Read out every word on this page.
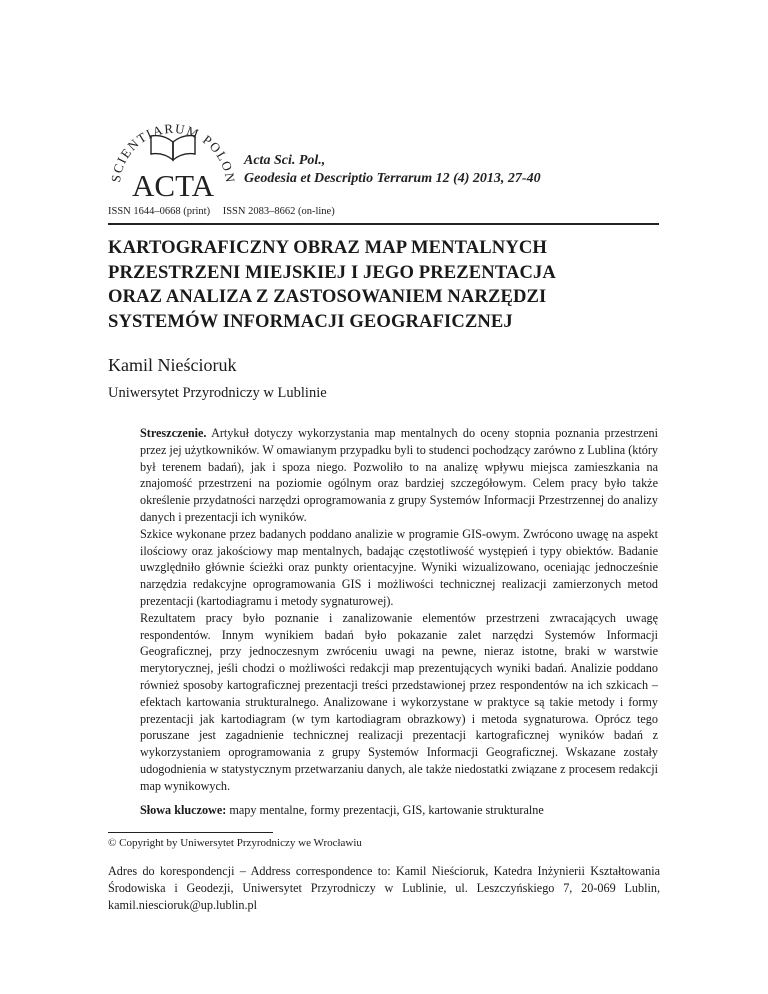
SCIENTIARUM POLON
ACTA
Acta Sci. Pol.,
Geodesia et Descriptio Terrarum 12 (4) 2013, 27-40
ISSN 1644–0668 (print) ISSN 2083–8662 (on-line)
KARTOGRAFICZNY OBRAZ MAP MENTALNYCH
PRZESTRZENI MIEJSKIEJ I JEGO PREZENTACJA
ORAZ ANALIZA Z ZASTOSOWANIEM NARZĘDZI
SYSTEMÓW INFORMACJI GEOGRAFICZNEJ
Kamil Nieścioruk
Uniwersytet Przyrodniczy w Lublinie

Streszczenie. Artykuł dotyczy wykorzystania map mentalnych do oceny stopnia poznania przestrzeni przez jej użytkowników. W omawianym przypadku byli to studenci pochodzący zarówno z Lublina (który był terenem badań), jak i spoza niego. Pozwoliło to na analizę wpływu miejsca zamieszkania na znajomość przestrzeni na poziomie ogólnym oraz bardziej szczegółowym. Celem pracy było także określenie przydatności narzędzi oprogramowania z grupy Systemów Informacji Przestrzennej do analizy danych i prezentacji ich wyników.

Szkice wykonane przez badanych poddano analizie w programie GIS-owym. Zwrócono uwagę na aspekt ilościowy oraz jakościowy map mentalnych, badając częstotliwość występień i typy obiektów. Badanie uwzględniło głównie ścieżki oraz punkty orientacyjne. Wyniki wizualizowano, oceniając jednocześnie narzędzia redakcyjne oprogramowania GIS i możliwości technicznej realizacji zamierzonych metod prezentacji (kartodiagramu i metody sygnaturowej).

Rezultatem pracy było poznanie i zanalizowanie elementów przestrzeni zwracających uwagę respondentów. Innym wynikiem badań było pokazanie zalet narzędzi Systemów Informacji Geograficznej, przy jednoczesnym zwróceniu uwagi na pewne, nieraz istotne, braki w warstwie merytorycznej, jeśli chodzi o możliwości redakcji map prezentujących wyniki badań. Analizie poddano również sposoby kartograficznej prezentacji treści przedstawionej przez respondentów na ich szkicach – efektach kartowania strukturalnego. Analizowane i wykorzystane w praktyce są takie metody i formy prezentacji jak kartodiagram (w tym kartodiagram obrazkowy) i metoda sygnaturowa. Oprócz tego poruszane jest zagadnienie technicznej realizacji prezentacji kartograficznej wyników badań z wykorzystaniem oprogramowania z grupy Systemów Informacji Geograficznej. Wskazane zostały udogodnienia w statystycznym przetwarzaniu danych, ale także niedostatki związane z procesem redakcji map wynikowych.

Słowa kluczowe: mapy mentalne, formy prezentacji, GIS, kartowanie strukturalne
© Copyright by Uniwersytet Przyrodniczy we Wrocławiu
Adres do korespondencji – Address correspondence to: Kamil Nieścioruk, Katedra Inżynierii Kształtowania Środowiska i Geodezji, Uniwersytet Przyrodniczy w Lublinie, ul. Leszczyńskiego 7, 20-069 Lublin, kamil.niescioruk@up.lublin.pl
